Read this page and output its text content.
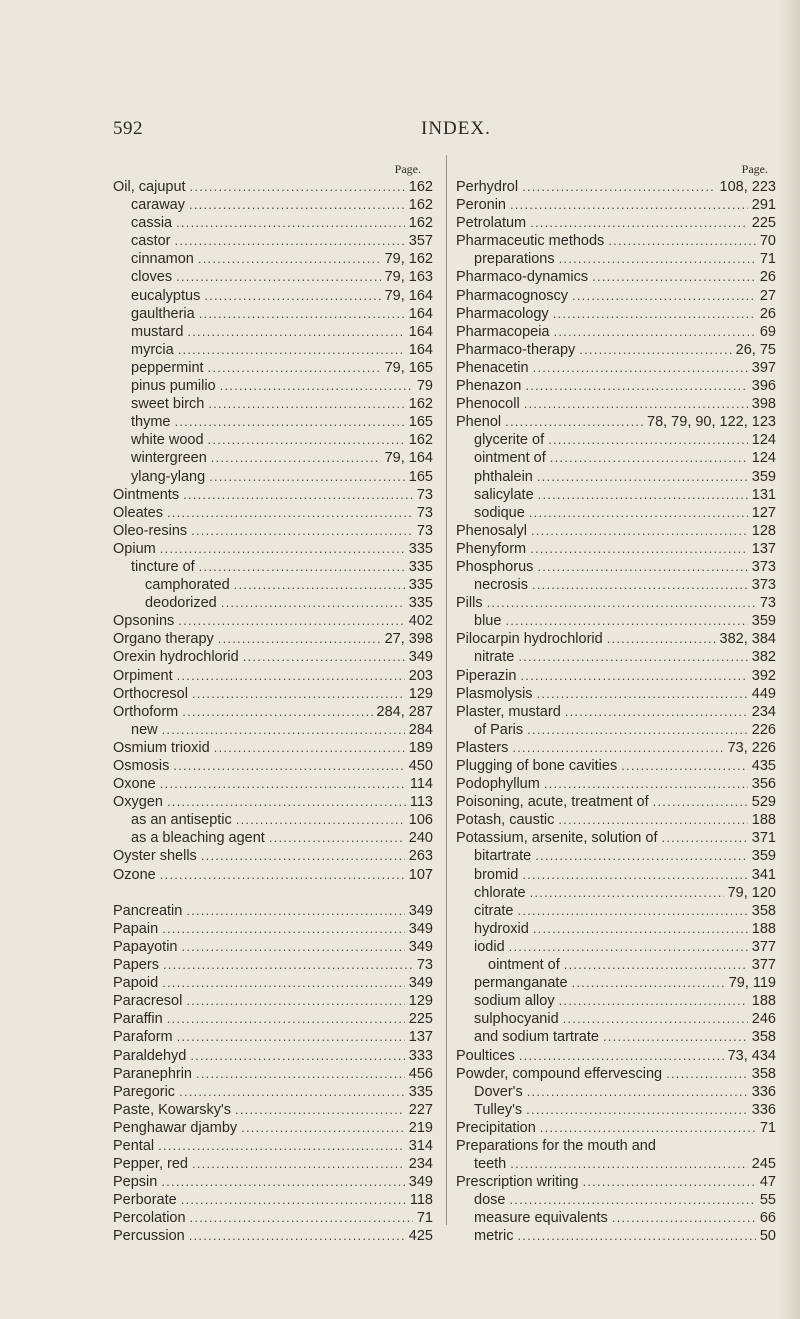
592	INDEX.
Page.
Oil, cajuput . . .	162
caraway . . .	162
cassia . . .	162
castor . . .	357
cinnamon . . .	79, 162
cloves . . .	79, 163
eucalyptus . . .	79, 164
gaultheria . . .	164
mustard . . .	164
myrcia . . .	164
peppermint . . .	79, 165
pinus pumilio . . .	79
sweet birch . . .	162
thyme . . .	165
white wood . . .	162
wintergreen . . .	79, 164
ylang-ylang . . .	165
Ointments . . .	73
Oleates . . .	73
Oleo-resins . . .	73
Opium . . .	335
tincture of . . .	335
camphorated . . .	335
deodorized . . .	335
Opsonins . . .	402
Organo therapy . . .	27, 398
Orexin hydrochlorid . . .	349
Orpiment . . .	203
Orthocresol . . .	129
Orthoform . . .	284, 287
new . . .	284
Osmium trioxid . . .	189
Osmosis . . .	450
Oxone . . .	114
Oxygen . . .	113
as an antiseptic . . .	106
as a bleaching agent . . .	240
Oyster shells . . .	263
Ozone . . .	107
Pancreatin . . .	349
Papain . . .	349
Papayotin . . .	349
Papers . . .	73
Papoid . . .	349
Paracresol . . .	129
Paraffin . . .	225
Paraform . . .	137
Paraldehyd . . .	333
Paranephrin . . .	456
Paregoric . . .	335
Paste, Kowarsky's . . .	227
Penghawar djamby . . .	219
Pental . . .	314
Pepper, red . . .	234
Pepsin . . .	349
Perborate . . .	118
Percolation . . .	71
Percussion . . .	425
Page.
Perhydrol . . .	108, 223
Peronin . . .	291
Petrolatum . . .	225
Pharmaceutic methods . . .	70
preparations . . .	71
Pharmaco-dynamics . . .	26
Pharmacognoscy . . .	27
Pharmacology . . .	26
Pharmacopeia . . .	69
Pharmaco-therapy . . .	26, 75
Phenacetin . . .	397
Phenazon . . .	396
Phenocoll . . .	398
Phenol . . .	78, 79, 90, 122, 123
glycerite of . . .	124
ointment of . . .	124
phthalein . . .	359
salicylate . . .	131
sodique . . .	127
Phenosalyl . . .	128
Phenyform . . .	137
Phosphorus . . .	373
necrosis . . .	373
Pills . . .	73
blue . . .	359
Pilocarpin hydrochlorid . . .	382, 384
nitrate . . .	382
Piperazin . . .	392
Plasmolysis . . .	449
Plaster, mustard . . .	234
of Paris . . .	226
Plasters . . .	73, 226
Plugging of bone cavities . . .	435
Podophyllum . . .	356
Poisoning, acute, treatment of . . .	529
Potash, caustic . . .	188
Potassium, arsenite, solution of . . .	371
bitartrate . . .	359
bromid . . .	341
chlorate . . .	79, 120
citrate . . .	358
hydroxid . . .	188
iodid . . .	377
ointment of . . .	377
permanganate . . .	79, 119
sodium alloy . . .	188
sulphocyanid . . .	246
and sodium tartrate . . .	358
Poultices . . .	73, 434
Powder, compound effervescing . . .	358
Dover's . . .	336
Tulley's . . .	336
Precipitation . . .	71
Preparations for the mouth and
teeth . . .	245
Prescription writing . . .	47
dose . . .	55
measure equivalents . . .	66
metric . . .	50
